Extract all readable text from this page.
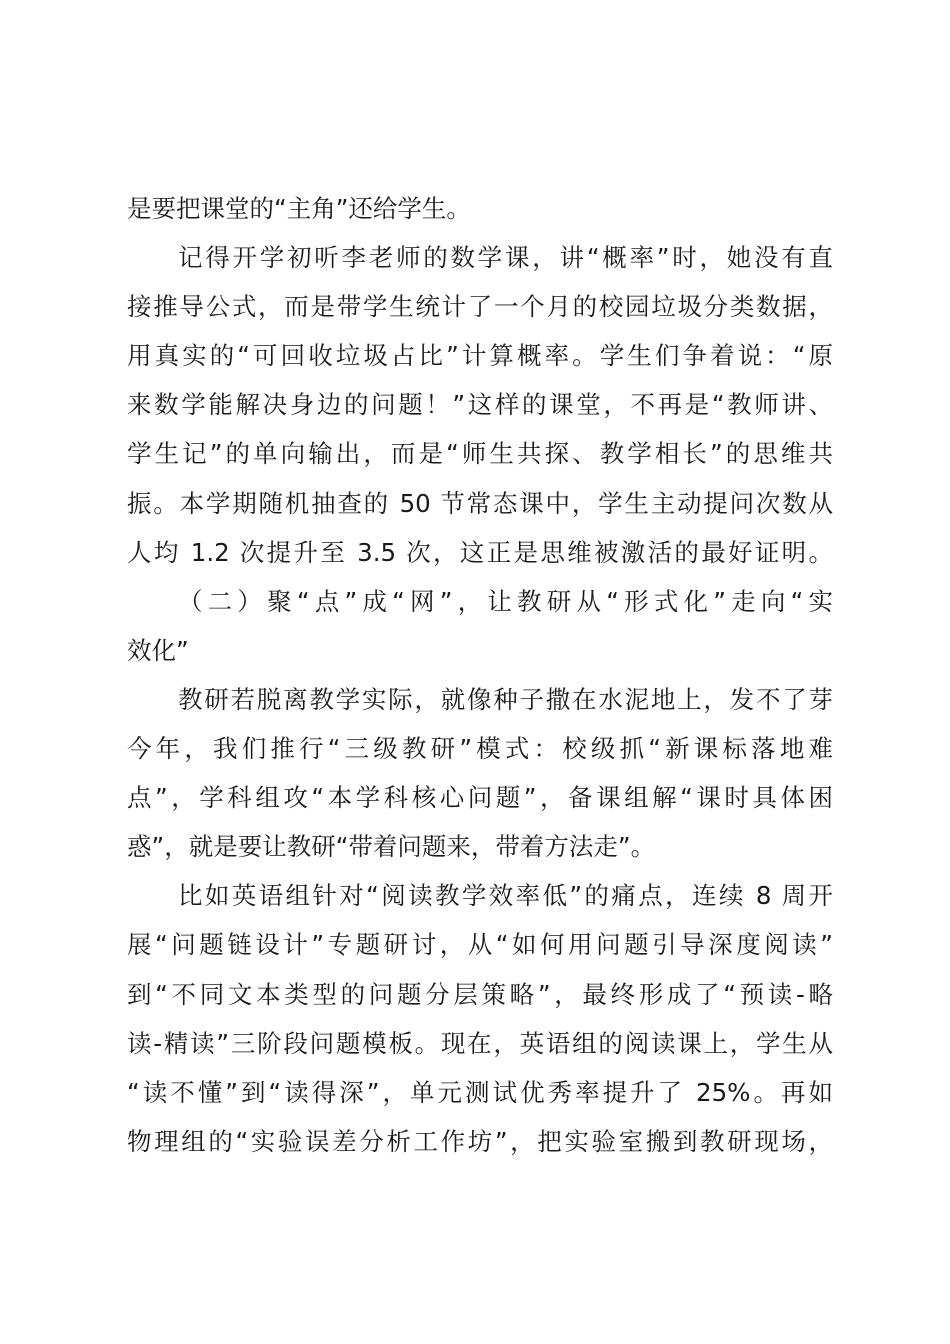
是要把课堂的“主角”还给学生。
记得开学初听李老师的数学课，讲“概率”时，她没有直
接推导公式，而是带学生统计了一个月的校园垃圾分类数据，
用真实的“可回收垃圾占比”计算概率。学生们争着说：“原
来数学能解决身边的问题！”这样的课堂，不再是“教师讲、
学生记”的单向输出，而是“师生共探、教学相长”的思维共
振。本学期随机抽查的 50 节常态课中，学生主动提问次数从
人均 1.2 次提升至 3.5 次，这正是思维被激活的最好证明。
（二）聚“点”成“网”，让教研从“形式化”走向“实
效化”
教研若脱离教学实际，就像种子撒在水泥地上，发不了芽
今年，我们推行“三级教研”模式：校级抓“新课标落地难
点”，学科组攻“本学科核心问题”，备课组解“课时具体困
惑”，就是要让教研“带着问题来，带着方法走”。
比如英语组针对“阅读教学效率低”的痛点，连续 8 周开
展“问题链设计”专题研讨，从“如何用问题引导深度阅读”
到“不同文本类型的问题分层策略”，最终形成了“预读-略
读-精读”三阶段问题模板。现在，英语组的阅读课上，学生从
“读不懂”到“读得深”，单元测试优秀率提升了 25%。再如
物理组的“实验误差分析工作坊”，把实验室搬到教研现场，
